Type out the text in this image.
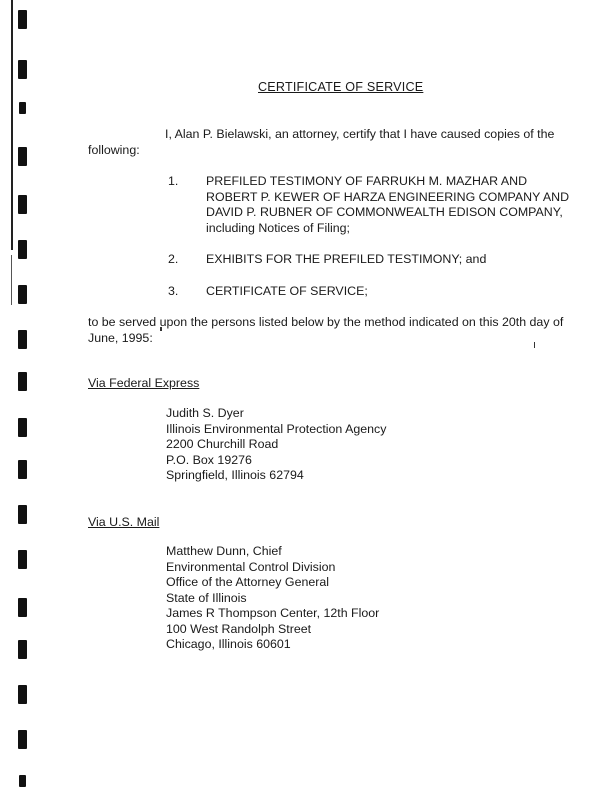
CERTIFICATE OF SERVICE
I, Alan P. Bielawski, an attorney, certify that I have caused copies of the
following:
1. PREFILED TESTIMONY OF FARRUKH M. MAZHAR AND
ROBERT P. KEWER OF HARZA ENGINEERING COMPANY AND
DAVID P. RUBNER OF COMMONWEALTH EDISON COMPANY,
including Notices of Filing;
2. EXHIBITS FOR THE PREFILED TESTIMONY; and
3. CERTIFICATE OF SERVICE;
to be served upon the persons listed below by the method indicated on this 20th day of
June, 1995:
Via Federal Express
Judith S. Dyer
Illinois Environmental Protection Agency
2200 Churchill Road
P.O. Box 19276
Springfield, Illinois 62794
Via U.S. Mail
Matthew Dunn, Chief
Environmental Control Division
Office of the Attorney General
State of Illinois
James R Thompson Center, 12th Floor
100 West Randolph Street
Chicago, Illinois 60601
